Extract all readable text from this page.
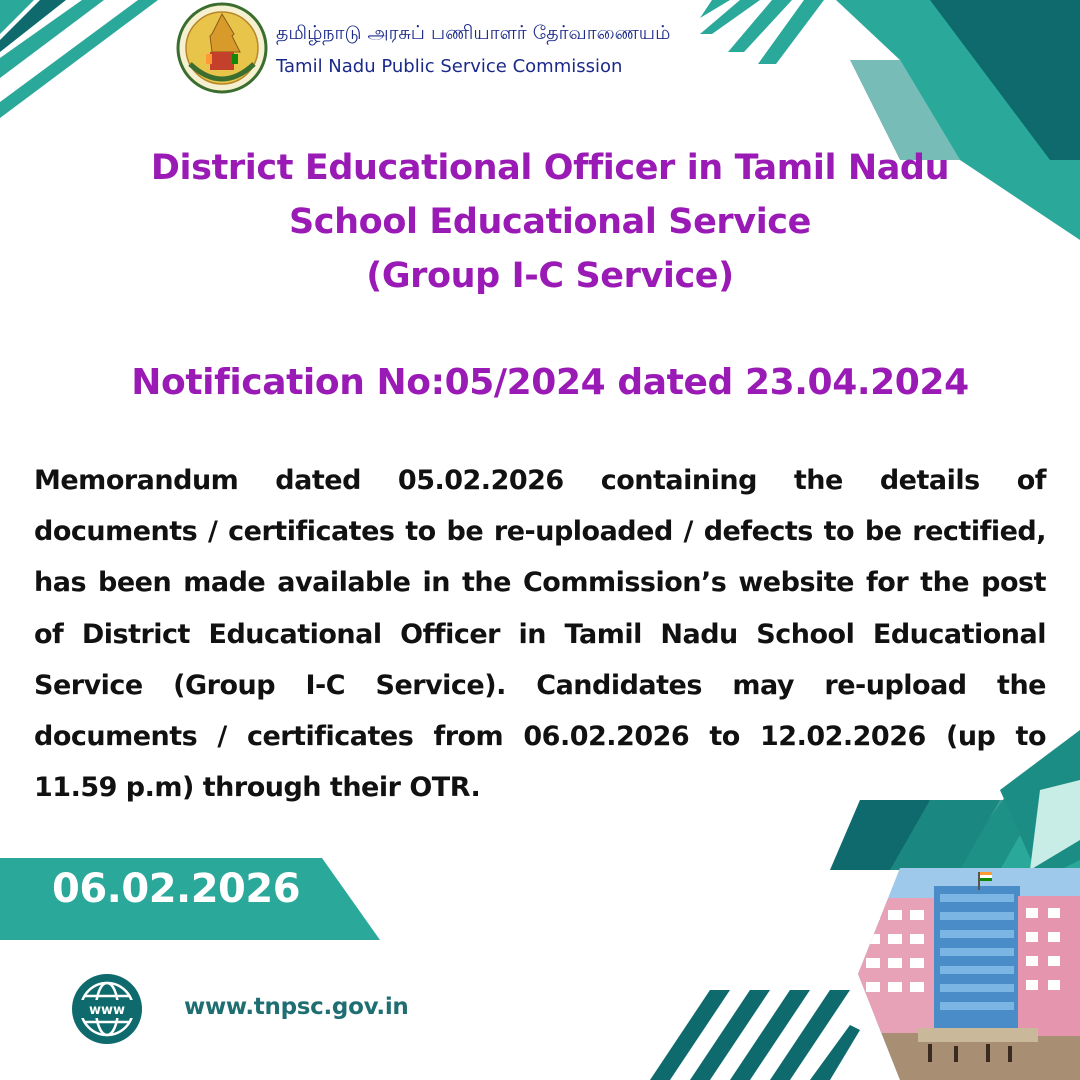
தமிழ்நாடு அரசுப் பணியாளர் தேர்வாணையம்
Tamil Nadu Public Service Commission
District Educational Officer in Tamil Nadu
School Educational Service
(Group I-C Service)
Notification No:05/2024 dated 23.04.2024
Memorandum dated 05.02.2026 containing the details of documents / certificates to be re-uploaded / defects to be rectified, has been made available in the Commission’s website for the post of District Educational Officer in Tamil Nadu School Educational Service (Group I-C Service). Candidates may re-upload the documents / certificates from 06.02.2026 to 12.02.2026 (up to 11.59 p.m) through their OTR.
06.02.2026
www	www.tnpsc.gov.in
